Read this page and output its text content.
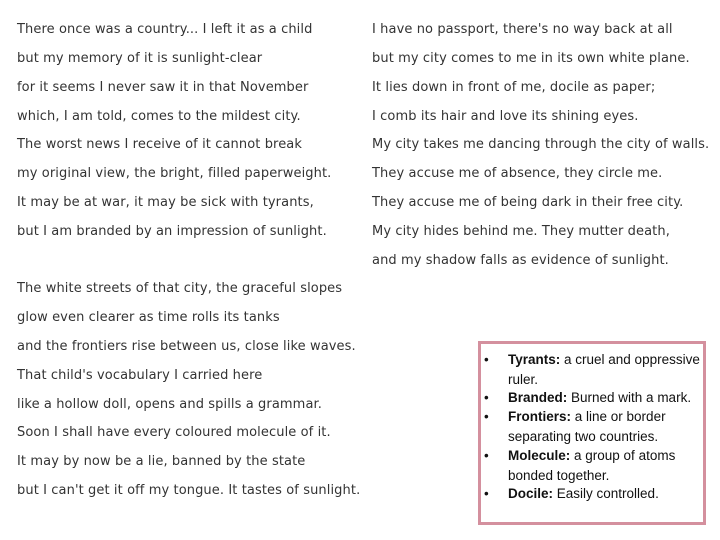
There once was a country... I left it as a child
but my memory of it is sunlight-clear
for it seems I never saw it in that November
which, I am told, comes to the mildest city.
The worst news I receive of it cannot break
my original view, the bright, filled paperweight.
It may be at war, it may be sick with tyrants,
but I am branded by an impression of sunlight.
I have no passport, there's no way back at all
but my city comes to me in its own white plane.
It lies down in front of me, docile as paper;
I comb its hair and love its shining eyes.
My city takes me dancing through the city of walls.
They accuse me of absence, they circle me.
They accuse me of being dark in their free city.
My city hides behind me. They mutter death,
and my shadow falls as evidence of sunlight.
The white streets of that city, the graceful slopes
glow even clearer as time rolls its tanks
and the frontiers rise between us, close like waves.
That child's vocabulary I carried here
like a hollow doll, opens and spills a grammar.
Soon I shall have every coloured molecule of it.
It may by now be a lie, banned by the state
but I can't get it off my tongue. It tastes of sunlight.
• Tyrants: a cruel and oppressive ruler.
• Branded: Burned with a mark.
• Frontiers: a line or border separating two countries.
• Molecule: a group of atoms bonded together.
• Docile: Easily controlled.
